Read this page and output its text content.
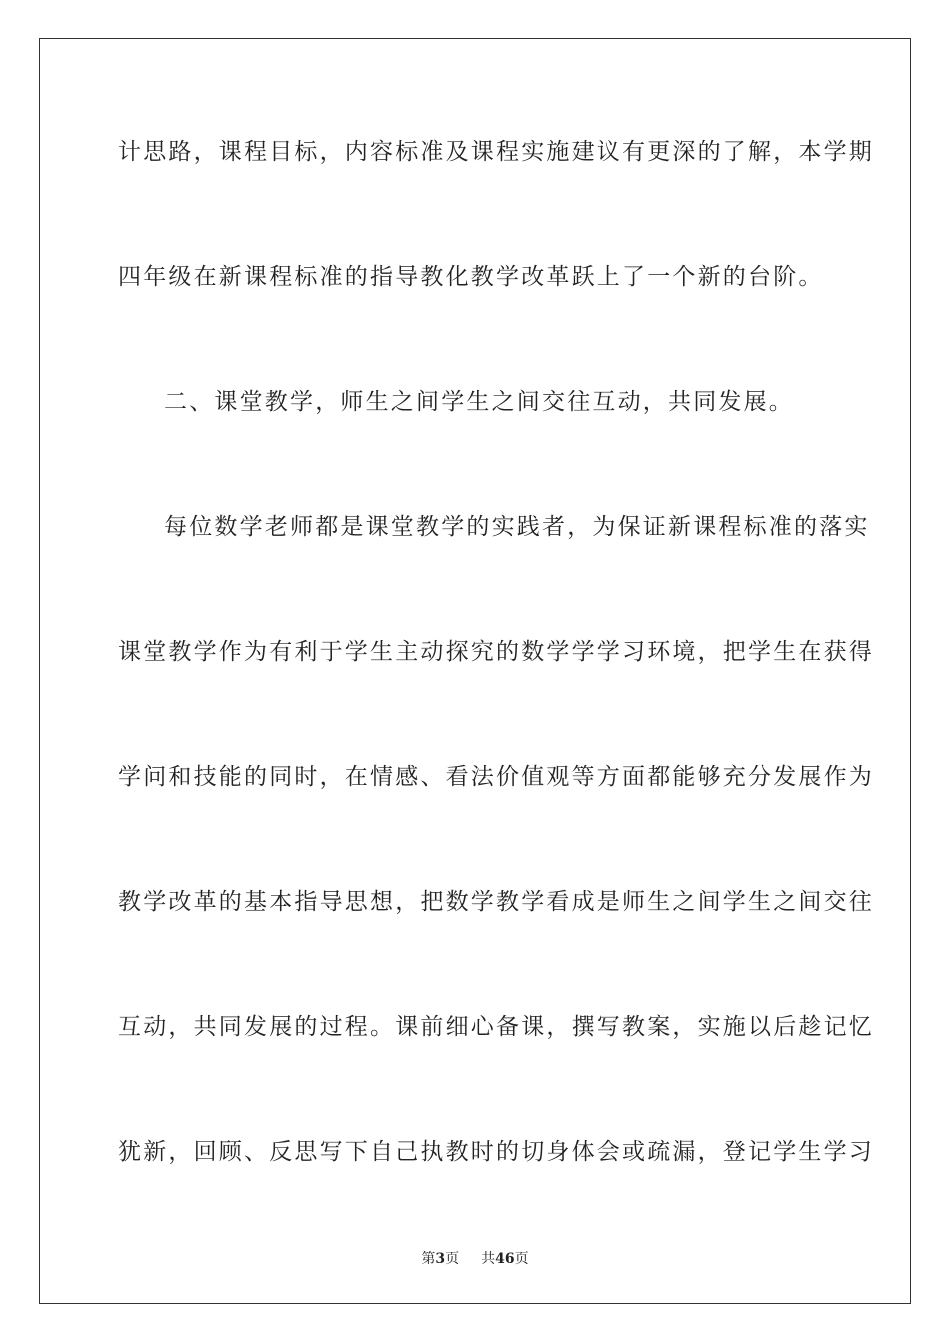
计思路，课程目标，内容标准及课程实施建议有更深的了解，本学期
四年级在新课程标准的指导教化教学改革跃上了一个新的台阶。
二、课堂教学，师生之间学生之间交往互动，共同发展。
每位数学老师都是课堂教学的实践者，为保证新课程标准的落实
课堂教学作为有利于学生主动探究的数学学学习环境，把学生在获得
学问和技能的同时，在情感、看法价值观等方面都能够充分发展作为
教学改革的基本指导思想，把数学教学看成是师生之间学生之间交往
互动，共同发展的过程。课前细心备课，撰写教案，实施以后趁记忆
犹新，回顾、反思写下自己执教时的切身体会或疏漏，登记学生学习
第3页 共46页
